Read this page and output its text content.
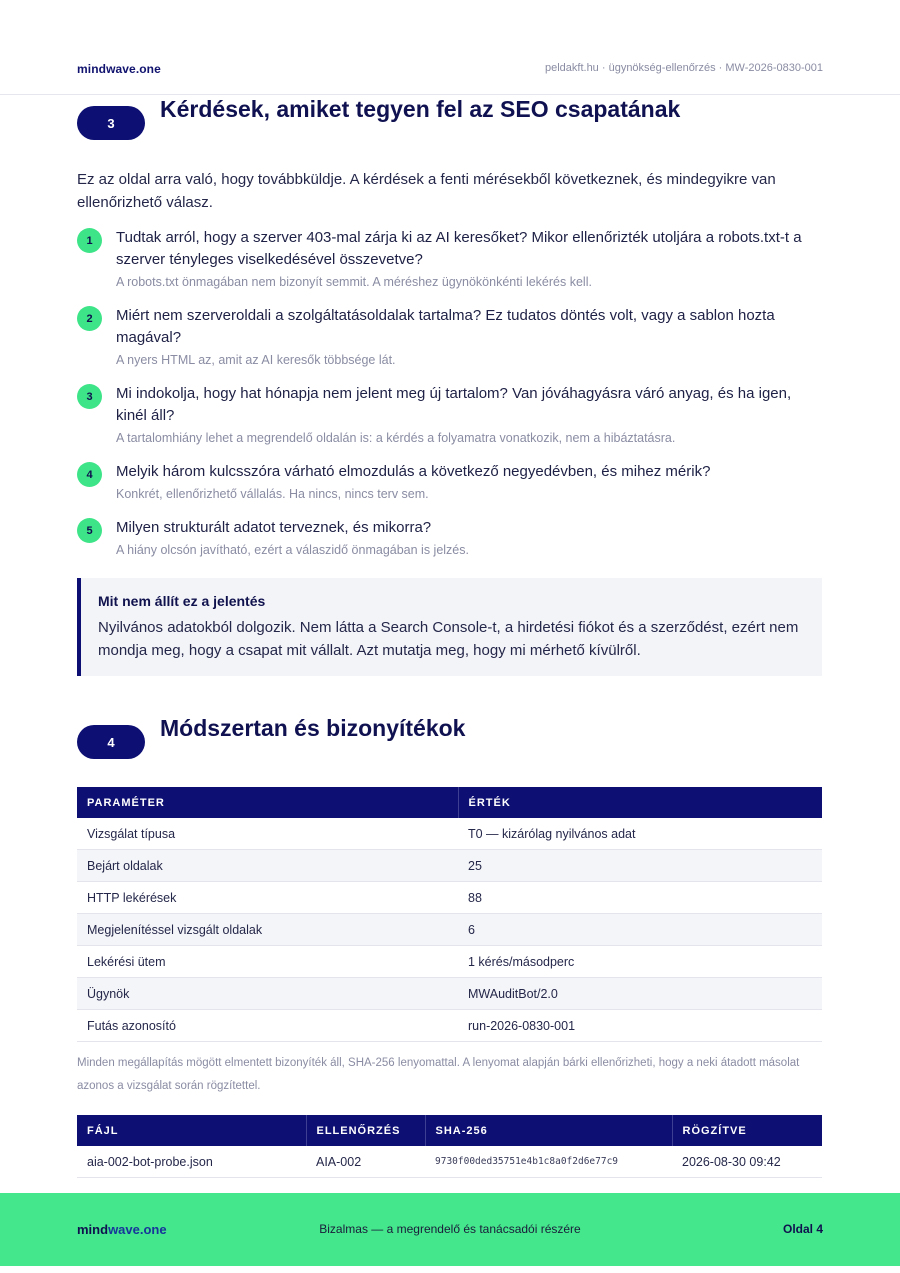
mindwave.one	peldakft.hu · ügynökség-ellenőrzés · MW-2026-0830-001
3
Kérdések, amiket tegyen fel az SEO csapatának
Ez az oldal arra való, hogy továbbküldje. A kérdések a fenti mérésekből következnek, és mindegyikre van ellenőrizhető válasz.
1	Tudtak arról, hogy a szerver 403-mal zárja ki az AI keresőket? Mikor ellenőrizték utoljára a robots.txt-t a szerver tényleges viselkedésével összevetve?
A robots.txt önmagában nem bizonyít semmit. A méréshez ügynökönkénti lekérés kell.
2	Miért nem szerveroldali a szolgáltatásoldalak tartalma? Ez tudatos döntés volt, vagy a sablon hozta magával?
A nyers HTML az, amit az AI keresők többsége lát.
3	Mi indokolja, hogy hat hónapja nem jelent meg új tartalom? Van jóváhagyásra váró anyag, és ha igen, kinél áll?
A tartalomhiány lehet a megrendelő oldalán is: a kérdés a folyamatra vonatkozik, nem a hibáztatásra.
4	Melyik három kulcsszóra várható elmozdulás a következő negyedévben, és mihez mérik?
Konkrét, ellenőrizhető vállalás. Ha nincs, nincs terv sem.
5	Milyen strukturált adatot terveznek, és mikorra?
A hiány olcsón javítható, ezért a válaszidő önmagában is jelzés.
Mit nem állít ez a jelentés
Nyilvános adatokból dolgozik. Nem látta a Search Console-t, a hirdetési fiókot és a szerződést, ezért nem mondja meg, hogy a csapat mit vállalt. Azt mutatja meg, hogy mi mérhető kívülről.
4
Módszertan és bizonyítékok
PARAMÉTER	ÉRTÉK
Vizsgálat típusa	T0 — kizárólag nyilvános adat
Bejárt oldalak	25
HTTP lekérések	88
Megjelenítéssel vizsgált oldalak	6
Lekérési ütem	1 kérés/másodperc
Ügynök	MWAuditBot/2.0
Futás azonosító	run-2026-0830-001
Minden megállapítás mögött elmentett bizonyíték áll, SHA-256 lenyomattal. A lenyomat alapján bárki ellenőrizheti, hogy a neki átadott másolat azonos a vizsgálat során rögzítettel.
FÁJL	ELLENŐRZÉS	SHA-256	RÖGZÍTVE
aia-002-bot-probe.json	AIA-002	9730f00ded35751e4b1c8a0f2d6e77c9	2026-08-30 09:42
mindwave.one	Bizalmas — a megrendelő és tanácsadói részére	Oldal 4
